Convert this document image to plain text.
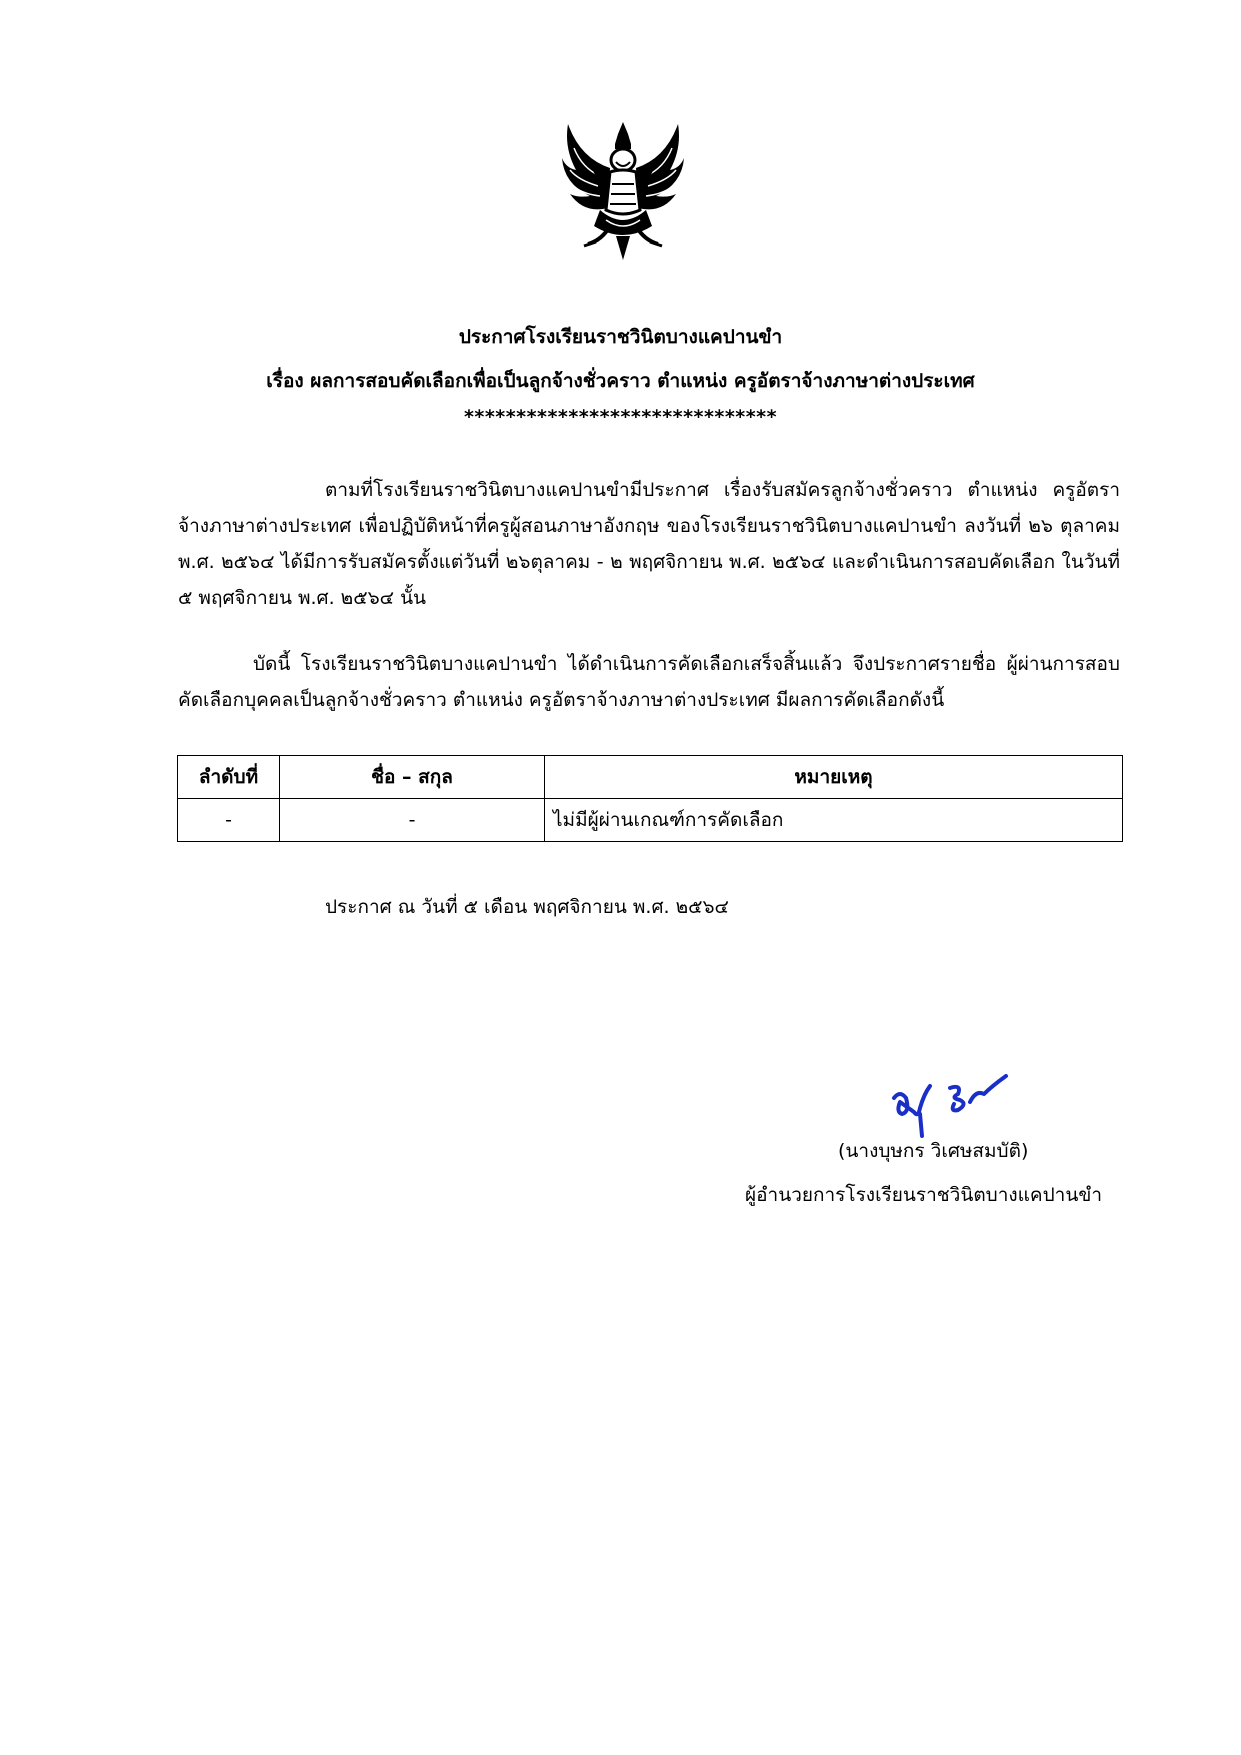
ประกาศโรงเรียนราชวินิตบางแคปานขำ
เรื่อง ผลการสอบคัดเลือกเพื่อเป็นลูกจ้างชั่วคราว ตำแหน่ง ครูอัตราจ้างภาษาต่างประเทศ
******************************
ตามที่โรงเรียนราชวินิตบางแคปานขำมีประกาศ เรื่องรับสมัครลูกจ้างชั่วคราว ตำแหน่ง ครูอัตราจ้างภาษาต่างประเทศ เพื่อปฏิบัติหน้าที่ครูผู้สอนภาษาอังกฤษ ของโรงเรียนราชวินิตบางแคปานขำ ลงวันที่ ๒๖ ตุลาคม พ.ศ. ๒๕๖๔ ได้มีการรับสมัครตั้งแต่วันที่ ๒๖ตุลาคม - ๒ พฤศจิกายน พ.ศ. ๒๕๖๔ และดำเนินการสอบคัดเลือก ในวันที่ ๕ พฤศจิกายน พ.ศ. ๒๕๖๔ นั้น
บัดนี้ โรงเรียนราชวินิตบางแคปานขำ ได้ดำเนินการคัดเลือกเสร็จสิ้นแล้ว จึงประกาศรายชื่อ ผู้ผ่านการสอบคัดเลือกบุคคลเป็นลูกจ้างชั่วคราว ตำแหน่ง ครูอัตราจ้างภาษาต่างประเทศ มีผลการคัดเลือกดังนี้
ลำดับที่	ชื่อ – สกุล	หมายเหตุ
-	-	ไม่มีผู้ผ่านเกณฑ์การคัดเลือก
ประกาศ ณ วันที่ ๕ เดือน พฤศจิกายน พ.ศ. ๒๕๖๔
(นางบุษกร วิเศษสมบัติ)
ผู้อำนวยการโรงเรียนราชวินิตบางแคปานขำ
